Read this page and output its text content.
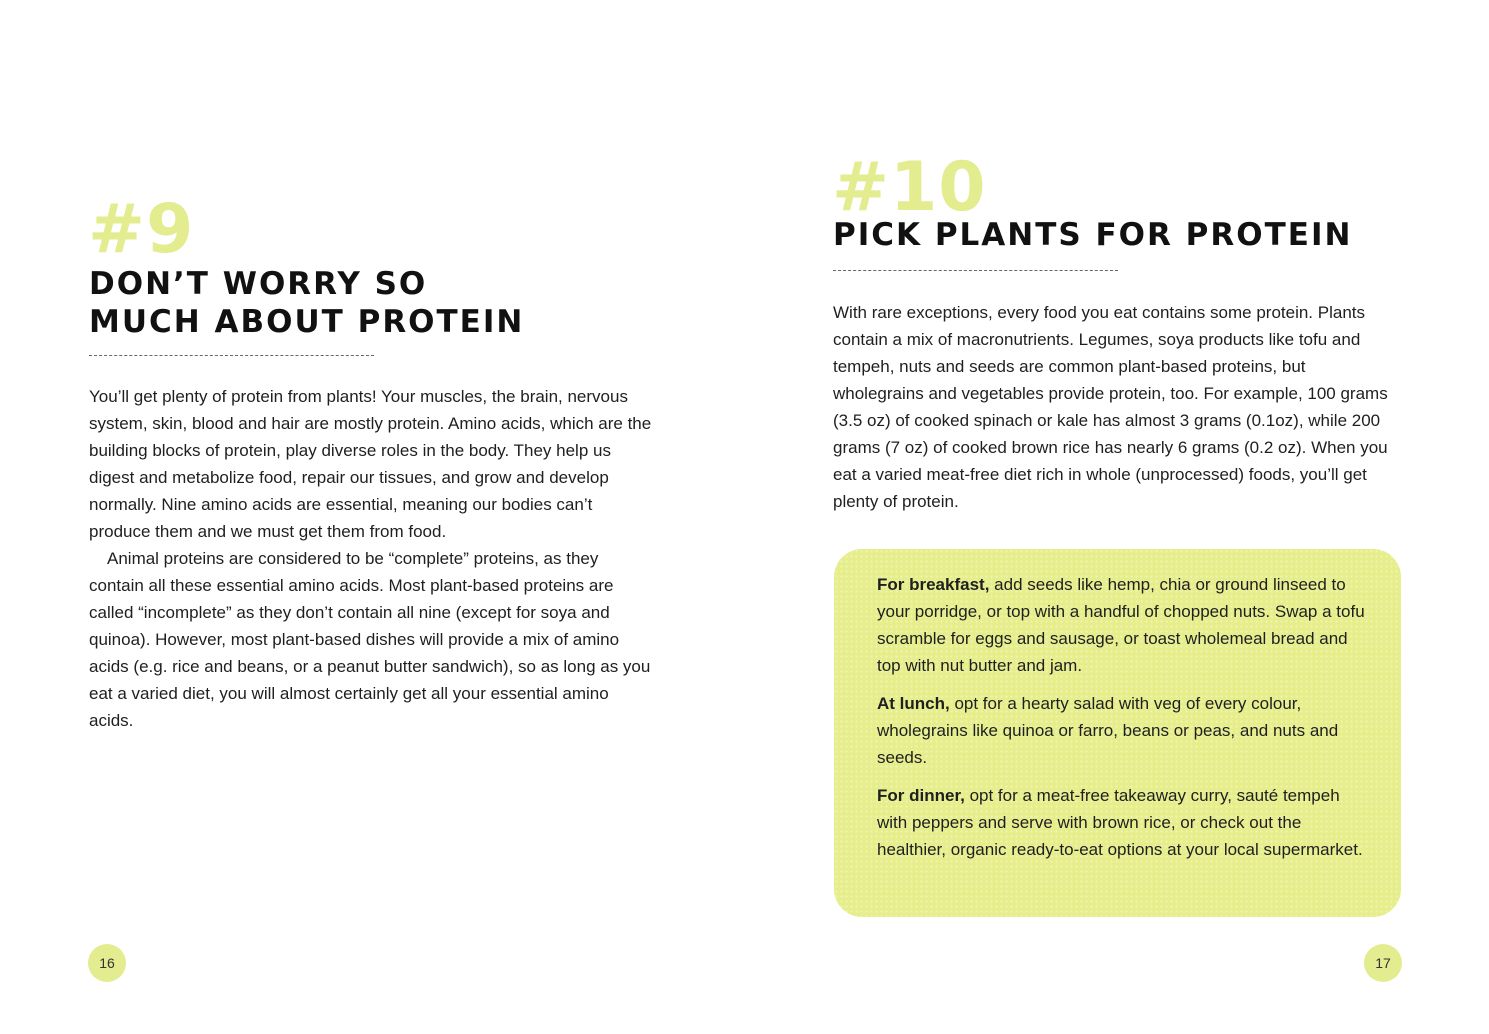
#9
DON’T WORRY SO
MUCH ABOUT PROTEIN

You’ll get plenty of protein from plants! Your muscles, the brain, nervous system, skin, blood and hair are mostly protein. Amino acids, which are the building blocks of protein, play diverse roles in the body. They help us digest and metabolize food, repair our tissues, and grow and develop normally. Nine amino acids are essential, meaning our bodies can’t produce them and we must get them from food.

Animal proteins are considered to be “complete” proteins, as they contain all these essential amino acids. Most plant-based proteins are called “incomplete” as they don’t contain all nine (except for soya and quinoa). However, most plant-based dishes will provide a mix of amino acids (e.g. rice and beans, or a peanut butter sandwich), so as long as you eat a varied diet, you will almost certainly get all your essential amino acids.

16
#10
PICK PLANTS FOR PROTEIN

With rare exceptions, every food you eat contains some protein. Plants contain a mix of macronutrients. Legumes, soya products like tofu and tempeh, nuts and seeds are common plant-based proteins, but wholegrains and vegetables provide protein, too. For example, 100 grams (3.5 oz) of cooked spinach or kale has almost 3 grams (0.1oz), while 200 grams (7 oz) of cooked brown rice has nearly 6 grams (0.2 oz). When you eat a varied meat-free diet rich in whole (unprocessed) foods, you’ll get plenty of protein.

For breakfast, add seeds like hemp, chia or ground linseed to your porridge, or top with a handful of chopped nuts. Swap a tofu scramble for eggs and sausage, or toast wholemeal bread and top with nut butter and jam.

At lunch, opt for a hearty salad with veg of every colour, wholegrains like quinoa or farro, beans or peas, and nuts and seeds.

For dinner, opt for a meat-free takeaway curry, sauté tempeh with peppers and serve with brown rice, or check out the healthier, organic ready-to-eat options at your local supermarket.

17
